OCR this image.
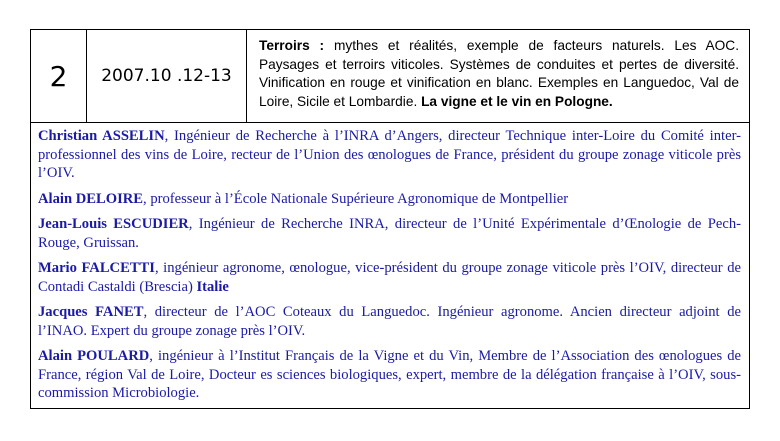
2	2007.10 .12-13
Terroirs : mythes et réalités, exemple de facteurs naturels. Les AOC. Paysages et terroirs viticoles. Systèmes de conduites et pertes de diversité. Vinification en rouge et vinification en blanc. Exemples en Languedoc, Val de Loire, Sicile et Lombardie. La vigne et le vin en Pologne.

Christian ASSELIN, Ingénieur de Recherche à l’INRA d’Angers, directeur Technique inter-Loire du Comité inter-professionnel des vins de Loire, recteur de l’Union des œnologues de France, président du groupe zonage viticole près l’OIV.

Alain DELOIRE, professeur à l’École Nationale Supérieure Agronomique de Montpellier

Jean-Louis ESCUDIER, Ingénieur de Recherche INRA, directeur de l’Unité Expérimentale d’Œnologie de Pech-Rouge, Gruissan.

Mario FALCETTI, ingénieur agronome, œnologue, vice-président du groupe zonage viticole près l’OIV, directeur de Contadi Castaldi (Brescia) Italie

Jacques FANET, directeur de l’AOC Coteaux du Languedoc. Ingénieur agronome. Ancien directeur adjoint de l’INAO. Expert du groupe zonage près l’OIV.

Alain POULARD, ingénieur à l’Institut Français de la Vigne et du Vin, Membre de l’Association des œnologues de France, région Val de Loire, Docteur es sciences biologiques, expert, membre de la délégation française à l’OIV, sous-commission Microbiologie.
